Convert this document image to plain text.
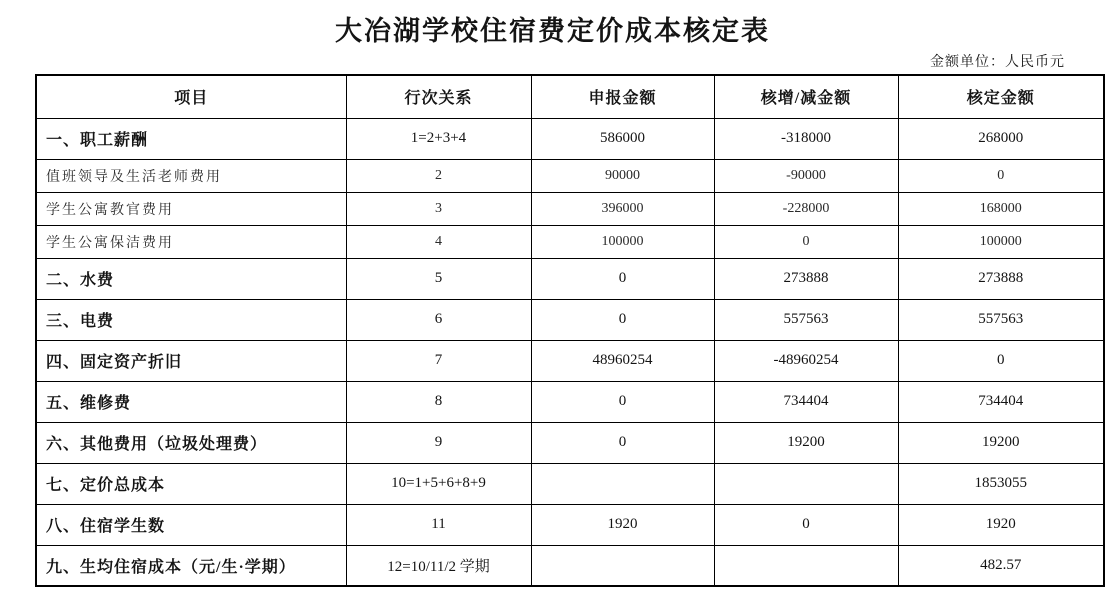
大冶湖学校住宿费定价成本核定表
金额单位：人民币元
项目	行次关系	申报金额	核增/减金额	核定金额
一、职工薪酬	1=2+3+4	586000	-318000	268000
值班领导及生活老师费用	2	90000	-90000	0
学生公寓教官费用	3	396000	-228000	168000
学生公寓保洁费用	4	100000	0	100000
二、水费	5	0	273888	273888
三、电费	6	0	557563	557563
四、固定资产折旧	7	48960254	-48960254	0
五、维修费	8	0	734404	734404
六、其他费用（垃圾处理费）	9	0	19200	19200
七、定价总成本	10=1+5+6+8+9			1853055
八、住宿学生数	11	1920	0	1920
九、生均住宿成本（元/生·学期）	12=10/11/2 学期			482.57
